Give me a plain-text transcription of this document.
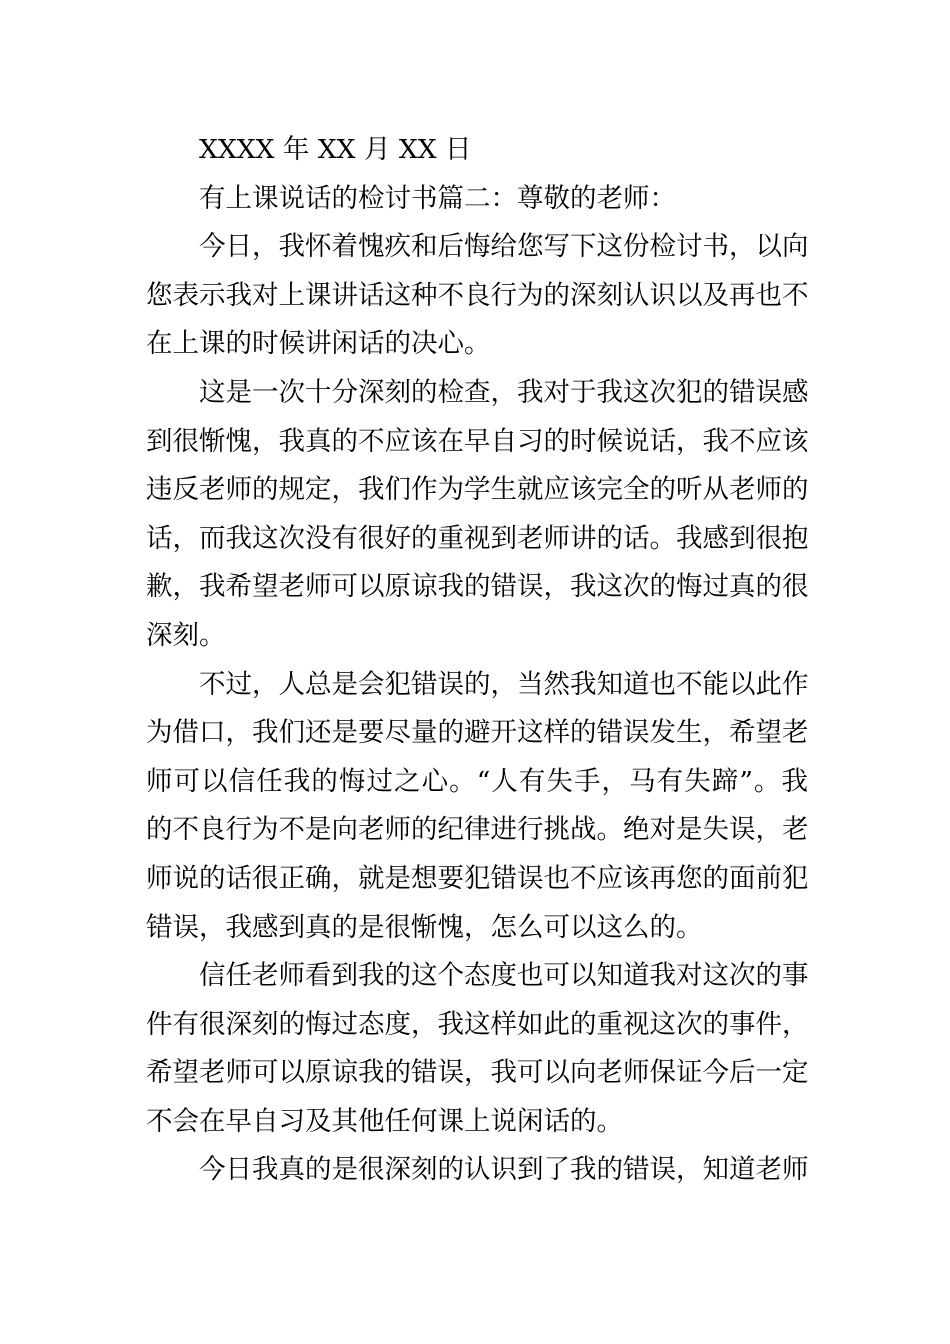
XXXX 年 XX 月 XX 日
有上课说话的检讨书篇二：尊敬的老师：
今日，我怀着愧疚和后悔给您写下这份检讨书，以向
您表示我对上课讲话这种不良行为的深刻认识以及再也不
在上课的时候讲闲话的决心。
这是一次十分深刻的检查，我对于我这次犯的错误感
到很惭愧，我真的不应该在早自习的时候说话，我不应该
违反老师的规定，我们作为学生就应该完全的听从老师的
话，而我这次没有很好的重视到老师讲的话。我感到很抱
歉，我希望老师可以原谅我的错误，我这次的悔过真的很
深刻。
不过，人总是会犯错误的，当然我知道也不能以此作
为借口，我们还是要尽量的避开这样的错误发生，希望老
师可以信任我的悔过之心。“人有失手，马有失蹄”。我
的不良行为不是向老师的纪律进行挑战。绝对是失误，老
师说的话很正确，就是想要犯错误也不应该再您的面前犯
错误，我感到真的是很惭愧，怎么可以这么的。
信任老师看到我的这个态度也可以知道我对这次的事
件有很深刻的悔过态度，我这样如此的重视这次的事件，
希望老师可以原谅我的错误，我可以向老师保证今后一定
不会在早自习及其他任何课上说闲话的。
今日我真的是很深刻的认识到了我的错误，知道老师
